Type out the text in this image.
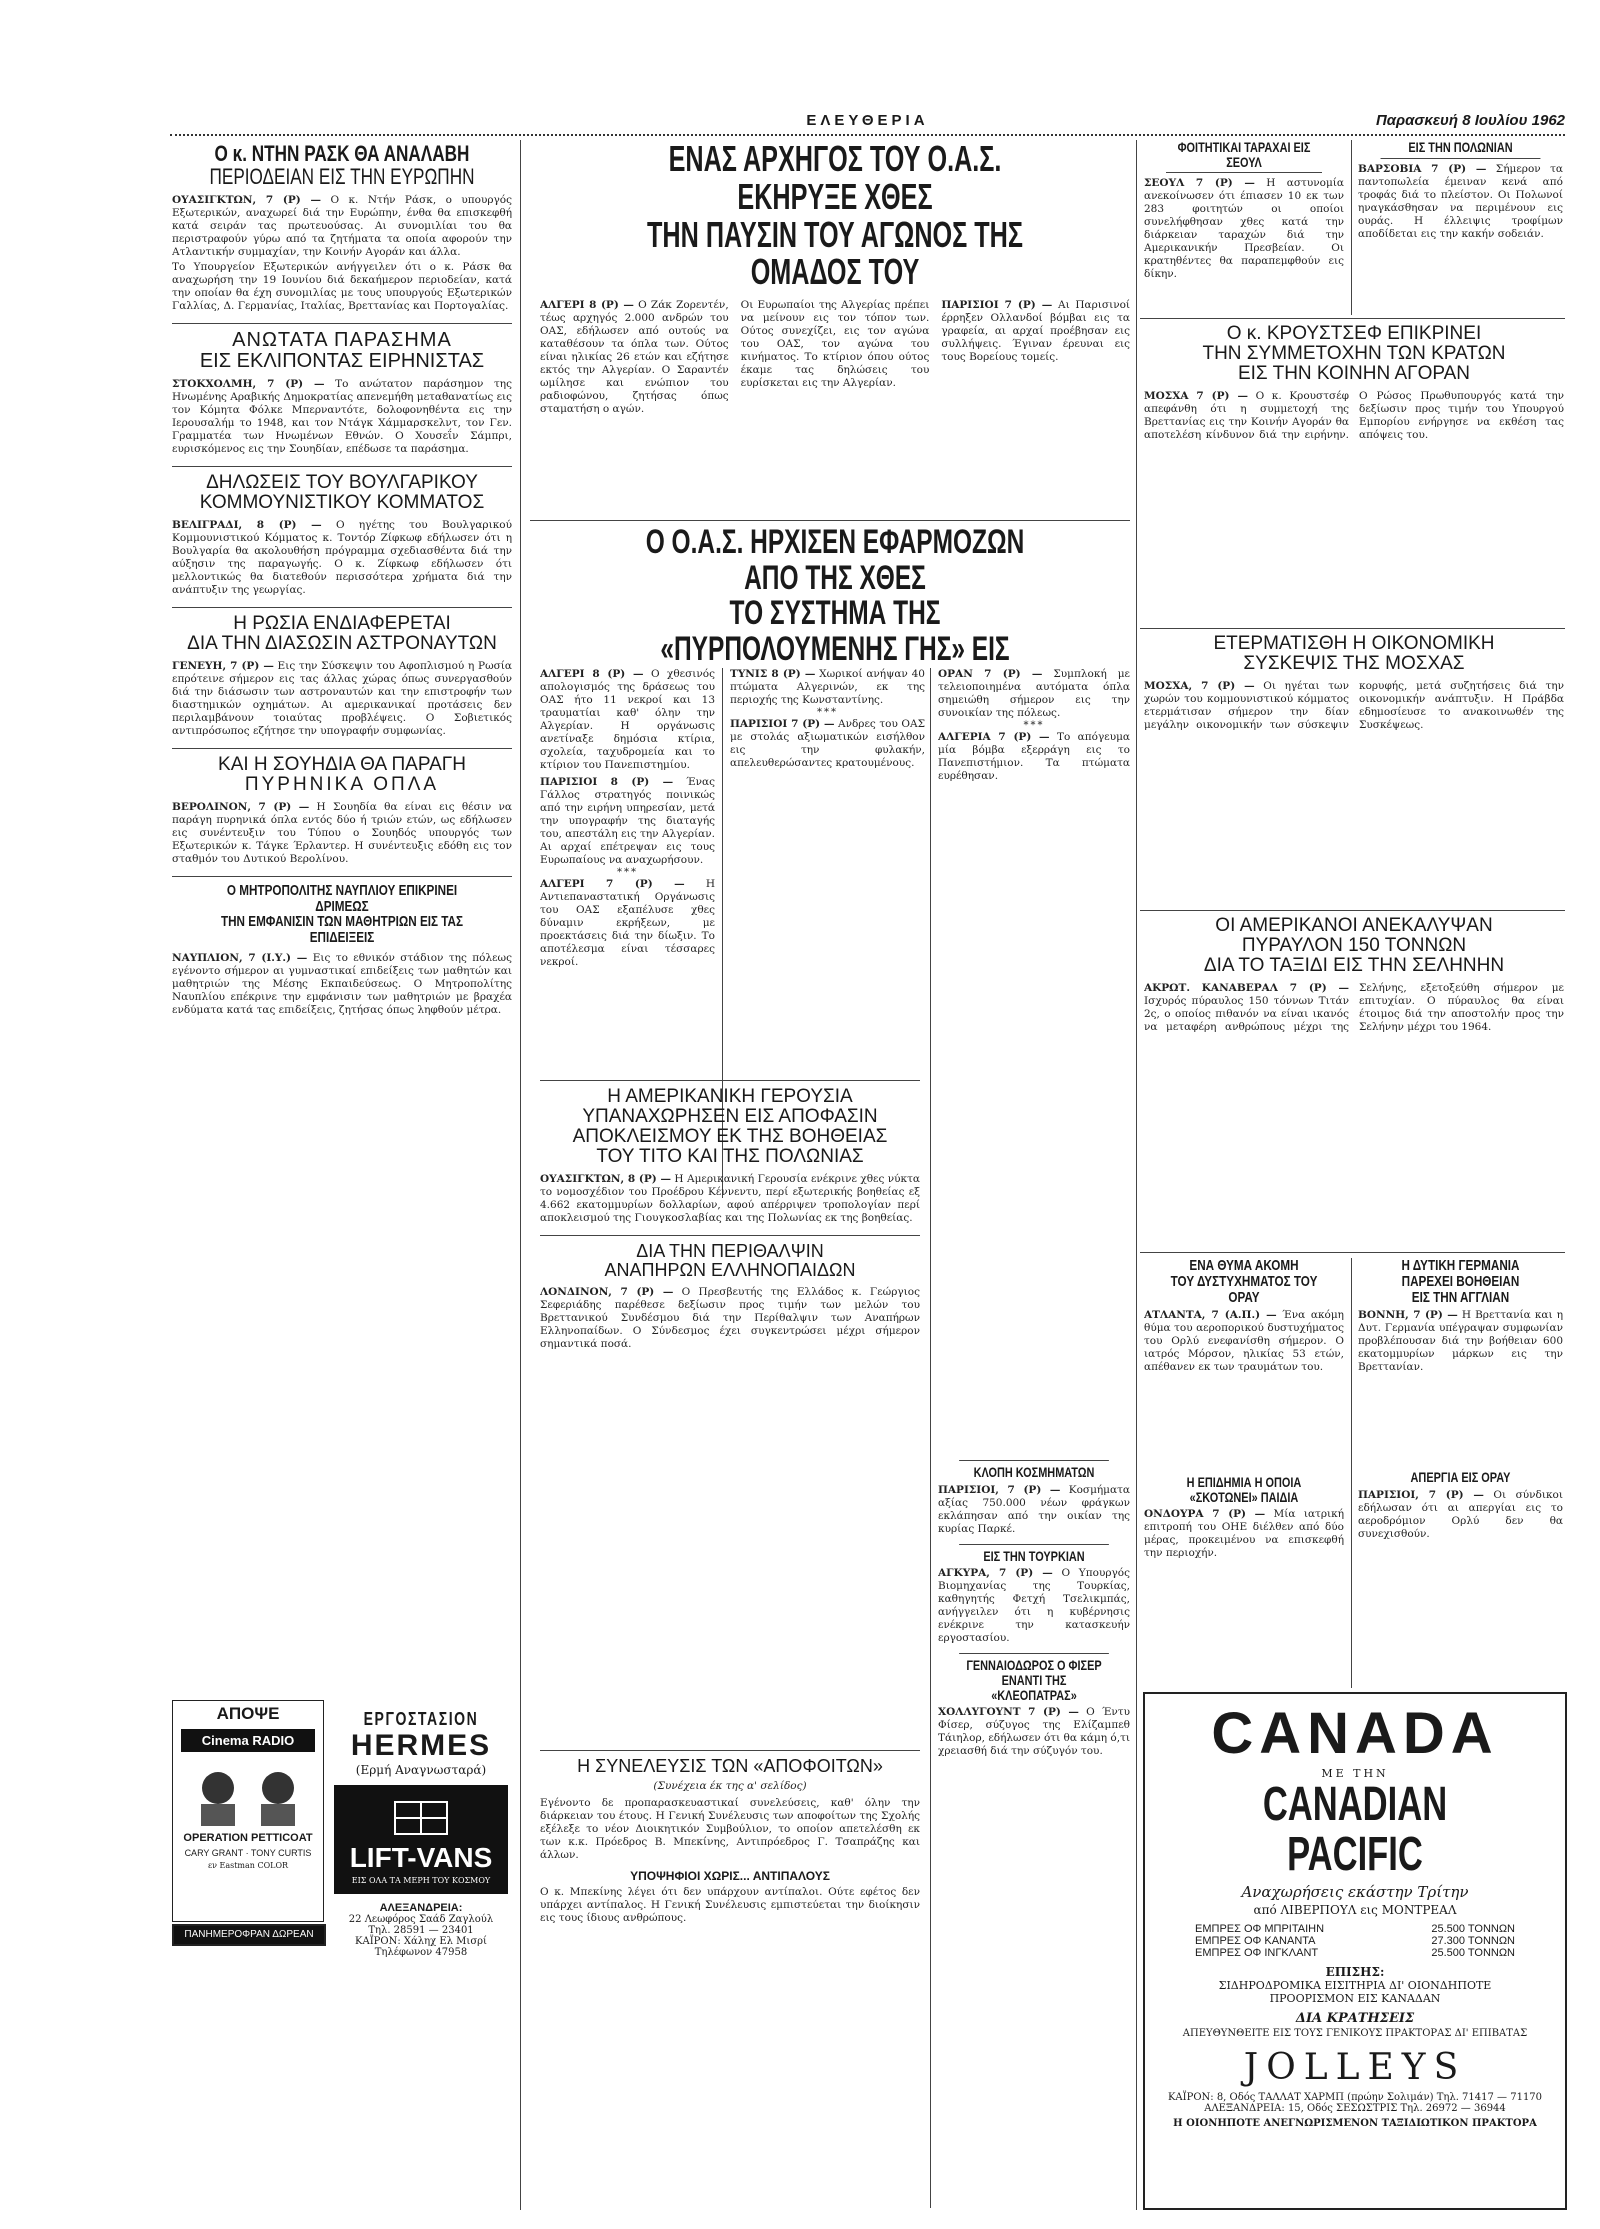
ΕΛΕΥΘΕΡΙΑ	Παρασκευή 8 Ιουλίου 1962
Ο κ. ΝΤΗΝ ΡΑΣΚ ΘΑ ΑΝΑΛΑΒΗ
ΠΕΡΙΟΔΕΙΑΝ ΕΙΣ ΤΗΝ ΕΥΡΩΠΗΝ
ΟΥΑΣΙΓΚΤΩΝ, 7 (Ρ) — Ο κ. Ντήν Ράσκ, ο υπουργός Εξωτερικών, αναχωρεί διά την Ευρώπην, ένθα θα επισκεφθή κατά σειράν τας πρωτευούσας. Αι συνομιλίαι του θα περιστραφούν γύρω από τα ζητήματα τα οποία αφορούν την Ατλαντικήν συμμαχίαν, την Κοινήν Αγοράν και άλλα.
Το Υπουργείον Εξωτερικών ανήγγειλεν ότι ο κ. Ράσκ θα αναχωρήση την 19 Ιουνίου διά δεκαήμερον περιοδείαν, κατά την οποίαν θα έχη συνομιλίας με τους υπουργούς Εξωτερικών Γαλλίας, Δ. Γερμανίας, Ιταλίας, Βρεττανίας και Πορτογαλίας.
ΑΝΩΤΑΤΑ ΠΑΡΑΣΗΜΑ
ΕΙΣ ΕΚΛΙΠΟΝΤΑΣ ΕΙΡΗΝΙΣΤΑΣ
ΣΤΟΚΧΟΛΜΗ, 7 (Ρ) — Το ανώτατον παράσημον της Ηνωμένης Αραβικής Δημοκρατίας απενεμήθη μεταθανατίως εις τον Κόμητα Φόλκε Μπερναντότε, δολοφονηθέντα εις την Ιερουσαλήμ το 1948, και τον Ντάγκ Χάμμαρσκελντ, τον Γεν. Γραμματέα των Ηνωμένων Εθνών. Ο Χουσεΐν Σάμπρι, ευρισκόμενος εις την Σουηδίαν, επέδωσε τα παράσημα.
ΔΗΛΩΣΕΙΣ ΤΟΥ ΒΟΥΛΓΑΡΙΚΟΥ
ΚΟΜΜΟΥΝΙΣΤΙΚΟΥ ΚΟΜΜΑΤΟΣ
ΒΕΛΙΓΡΑΔΙ, 8 (Ρ) — Ο ηγέτης του Βουλγαρικού Κομμουνιστικού Κόμματος κ. Τοντόρ Ζίφκωφ εδήλωσεν ότι η Βουλγαρία θα ακολουθήση πρόγραμμα σχεδιασθέντα διά την αύξησιν της παραγωγής. Ο κ. Ζίφκωφ εδήλωσεν ότι μελλοντικώς θα διατεθούν περισσότερα χρήματα διά την ανάπτυξιν της γεωργίας.
Η ΡΩΣΙΑ ΕΝΔΙΑΦΕΡΕΤΑΙ
ΔΙΑ ΤΗΝ ΔΙΑΣΩΣΙΝ ΑΣΤΡΟΝΑΥΤΩΝ
ΓΕΝΕΥΗ, 7 (Ρ) — Εις την Σύσκεψιν του Αφοπλισμού η Ρωσία επρότεινε σήμερον εις τας άλλας χώρας όπως συνεργασθούν διά την διάσωσιν των αστροναυτών και την επιστροφήν των διαστημικών οχημάτων. Αι αμερικανικαί προτάσεις δεν περιλαμβάνουν τοιαύτας προβλέψεις. Ο Σοβιετικός αντιπρόσωπος εζήτησε την υπογραφήν συμφωνίας.
ΚΑΙ Η ΣΟΥΗΔΙΑ ΘΑ ΠΑΡΑΓΗ
ΠΥΡΗΝΙΚΑ ΟΠΛΑ
ΒΕΡΟΛΙΝΟΝ, 7 (Ρ) — Η Σουηδία θα είναι εις θέσιν να παράγη πυρηνικά όπλα εντός δύο ή τριών ετών, ως εδήλωσεν εις συνέντευξιν του Τύπου ο Σουηδός υπουργός των Εξωτερικών κ. Τάγκε Έρλαντερ. Η συνέντευξις εδόθη εις τον σταθμόν του Δυτικού Βερολίνου.
Ο ΜΗΤΡΟΠΟΛΙΤΗΣ ΝΑΥΠΛΙΟΥ ΕΠΙΚΡΙΝΕΙ ΔΡΙΜΕΩΣ
ΤΗΝ ΕΜΦΑΝΙΣΙΝ ΤΩΝ ΜΑΘΗΤΡΙΩΝ ΕΙΣ ΤΑΣ ΕΠΙΔΕΙΞΕΙΣ
ΝΑΥΠΛΙΟΝ, 7 (Ι.Υ.) — Εις το εθνικόν στάδιον της πόλεως εγένοντο σήμερον αι γυμναστικαί επιδείξεις των μαθητών και μαθητριών της Μέσης Εκπαιδεύσεως. Ο Μητροπολίτης Ναυπλίου επέκρινε την εμφάνισιν των μαθητριών με βραχέα ενδύματα κατά τας επιδείξεις, ζητήσας όπως ληφθούν μέτρα.
ΑΠΟΨΕ
Cinema RADIO
OPERATION PETTICOAT
CARY GRANT · TONY CURTIS
εν Eastman COLOR
ΠΑΝΗΜΕΡΟΦΡΑΝ ΔΩΡΕΑΝ
ΕΡΓΟΣΤΑΣΙΟΝ
HERMES
(Ερμή Αναγνωσταρά)
LIFT-VANS
ΕΙΣ ΟΛΑ ΤΑ ΜΕΡΗ ΤΟΥ ΚΟΣΜΟΥ
ΑΛΕΞΑΝΔΡΕΙΑ:
22 Λεωφόρος Σαάδ Ζαγλούλ
Τηλ. 28591 — 23401
ΚΑΪΡΟΝ: Χάληχ Ελ Μισρί
Τηλέφωνον 47958
ΕΝΑΣ ΑΡΧΗΓΟΣ ΤΟΥ Ο.Α.Σ. ΕΚΗΡΥΞΕ ΧΘΕΣ
ΤΗΝ ΠΑΥΣΙΝ ΤΟΥ ΑΓΩΝΟΣ ΤΗΣ ΟΜΑΔΟΣ ΤΟΥ
ΑΛΓΕΡΙ 8 (Ρ) — Ο Ζάκ Ζορεντέν, τέως αρχηγός 2.000 ανδρών του ΟΑΣ, εδήλωσεν από ουτούς να καταθέσουν τα όπλα των. Ούτος είναι ηλικίας 26 ετών και εζήτησε εκτός την Αλγερίαν. Ο Σαραντέν ωμίλησε και ενώπιον του ραδιοφώνου, ζητήσας όπως σταματήση ο αγών.
Οι Ευρωπαίοι της Αλγερίας πρέπει να μείνουν εις τον τόπον των. Ούτος συνεχίζει, εις τον αγώνα του ΟΑΣ, τον αγώνα του κινήματος. Το κτίριον όπου ούτος έκαμε τας δηλώσεις του ευρίσκεται εις την Αλγερίαν.
ΠΑΡΙΣΙΟΙ 7 (Ρ) — Αι Παρισινοί έρρηξεν Ολλανδοί βόμβαι εις τα γραφεία, αι αρχαί προέβησαν εις συλλήψεις. Έγιναν έρευναι εις τους Βορείους τομείς.
Ο Ο.Α.Σ. ΗΡΧΙΣΕΝ ΕΦΑΡΜΟΖΩΝ ΑΠΟ ΤΗΣ ΧΘΕΣ
ΤΟ ΣΥΣΤΗΜΑ ΤΗΣ «ΠΥΡΠΟΛΟΥΜΕΝΗΣ ΓΗΣ» ΕΙΣ
ΑΛΓΕΡΙ 8 (Ρ) — Ο χθεσινός απολογισμός της δράσεως του ΟΑΣ ήτο 11 νεκροί και 13 τραυματίαι καθ' όλην την Αλγερίαν. Η οργάνωσις ανετίναξε δημόσια κτίρια, σχολεία, ταχυδρομεία και το κτίριον του Πανεπιστημίου.
ΠΑΡΙΣΙΟΙ 8 (Ρ) — Ένας Γάλλος στρατηγός ποινικώς από την ειρήνη υπηρεσίαν, μετά την υπογραφήν της διαταγής του, απεστάλη εις την Αλγερίαν. Αι αρχαί επέτρεψαν εις τους Ευρωπαίους να αναχωρήσουν.
***
ΑΛΓΕΡΙ 7 (Ρ) — Η Αντιεπαναστατική Οργάνωσις του ΟΑΣ εξαπέλυσε χθες δύναμιν εκρήξεων, με προεκτάσεις διά την δίωξιν. Το αποτέλεσμα είναι τέσσαρες νεκροί.
ΤΥΝΙΣ 8 (Ρ) — Χωρικοί ανήψαν 40 πτώματα Αλγερινών, εκ της περιοχής της Κωνσταντίνης.
***
ΠΑΡΙΣΙΟΙ 7 (Ρ) — Ανδρες του ΟΑΣ με στολάς αξιωματικών εισήλθον εις την φυλακήν, απελευθερώσαντες κρατουμένους.
ΟΡΑΝ 7 (Ρ) — Συμπλοκή με τελειοποιημένα αυτόματα όπλα σημειώθη σήμερον εις την συνοικίαν της πόλεως.
***
ΑΛΓΕΡΙΑ 7 (Ρ) — Το απόγευμα μία βόμβα εξερράγη εις το Πανεπιστήμιον. Τα πτώματα ευρέθησαν.
Η ΑΜΕΡΙΚΑΝΙΚΗ ΓΕΡΟΥΣΙΑ
ΥΠΑΝΑΧΩΡΗΣΕΝ ΕΙΣ ΑΠΟΦΑΣΙΝ
ΑΠΟΚΛΕΙΣΜΟΥ ΕΚ ΤΗΣ ΒΟΗΘΕΙΑΣ
ΤΟΥ ΤΙΤΟ ΚΑΙ ΤΗΣ ΠΟΛΩΝΙΑΣ
ΟΥΑΣΙΓΚΤΩΝ, 8 (Ρ) — Η Αμερικανική Γερουσία ενέκρινε χθες νύκτα το νομοσχέδιον του Προέδρου Κέννεντυ, περί εξωτερικής βοηθείας εξ 4.662 εκατομμυρίων δολλαρίων, αφού απέρριψεν τροπολογίαν περί αποκλεισμού της Γιουγκοσλαβίας και της Πολωνίας εκ της βοηθείας.
ΔΙΑ ΤΗΝ ΠΕΡΙΘΑΛΨΙΝ
ΑΝΑΠΗΡΩΝ ΕΛΛΗΝΟΠΑΙΔΩΝ
ΛΟΝΔΙΝΟΝ, 7 (Ρ) — Ο Πρεσβευτής της Ελλάδος κ. Γεώργιος Σεφεριάδης παρέθεσε δεξίωσιν προς τιμήν των μελών του Βρεττανικού Συνδέσμου διά την Περίθαλψιν των Αναπήρων Ελληνοπαίδων. Ο Σύνδεσμος έχει συγκεντρώσει μέχρι σήμερον σημαντικά ποσά.
Η ΣΥΝΕΛΕΥΣΙΣ ΤΩΝ «ΑΠΟΦΟΙΤΩΝ»
(Συνέχεια έκ της α' σελίδος)
Εγένοντο δε προπαρασκευαστικαί συνελεύσεις, καθ' όλην την διάρκειαν του έτους. Η Γενική Συνέλευσις των αποφοίτων της Σχολής εξέλεξε το νέον Διοικητικόν Συμβούλιον, το οποίον απετελέσθη εκ των κ.κ. Πρόεδρος Β. Μπεκίνης, Αντιπρόεδρος Γ. Τσαπράζης και άλλων.
ΥΠΟΨΗΦΙΟΙ ΧΩΡΙΣ... ΑΝΤΙΠΑΛΟΥΣ
Ο κ. Μπεκίνης λέγει ότι δεν υπάρχουν αντίπαλοι. Ούτε εφέτος δεν υπάρχει αντίπαλος. Η Γενική Συνέλευσις εμπιστεύεται την διοίκησιν εις τους ίδιους ανθρώπους.
ΦΟΙΤΗΤΙΚΑΙ ΤΑΡΑΧΑΙ ΕΙΣ ΣΕΟΥΛ
ΣΕΟΥΛ 7 (Ρ) — Η αστυνομία ανεκοίνωσεν ότι έπιασεν 10 εκ των 283 φοιτητών οι οποίοι συνελήφθησαν χθες κατά την διάρκειαν ταραχών διά την Αμερικανικήν Πρεσβείαν. Οι κρατηθέντες θα παραπεμφθούν εις δίκην.
ΕΙΣ ΤΗΝ ΠΟΛΩΝΙΑΝ
ΒΑΡΣΟΒΙΑ 7 (Ρ) — Σήμερον τα παντοπωλεία έμειναν κενά από τροφάς διά το πλείστον. Οι Πολωνοί ηναγκάσθησαν να περιμένουν εις ουράς. Η έλλειψις τροφίμων αποδίδεται εις την κακήν σοδειάν.
Ο κ. ΚΡΟΥΣΤΣΕΦ ΕΠΙΚΡΙΝΕΙ
ΤΗΝ ΣΥΜΜΕΤΟΧΗΝ ΤΩΝ ΚΡΑΤΩΝ
ΕΙΣ ΤΗΝ ΚΟΙΝΗΝ ΑΓΟΡΑΝ
ΜΟΣΧΑ 7 (Ρ) — Ο κ. Κρουστσέφ απεφάνθη ότι η συμμετοχή της Βρεττανίας εις την Κοινήν Αγοράν θα αποτελέση κίνδυνον διά την ειρήνην. Ο Ρώσος Πρωθυπουργός κατά την δεξίωσιν προς τιμήν του Υπουργού Εμπορίου ενήργησε να εκθέση τας απόψεις του.
ΕΤΕΡΜΑΤΙΣΘΗ Η ΟΙΚΟΝΟΜΙΚΗ
ΣΥΣΚΕΨΙΣ ΤΗΣ ΜΟΣΧΑΣ
ΜΟΣΧΑ, 7 (Ρ) — Οι ηγέται των χωρών του κομμουνιστικού κόμματος ετερμάτισαν σήμερον την δίαν μεγάλην οικονομικήν των σύσκεψιν κορυφής, μετά συζητήσεις διά την οικονομικήν ανάπτυξιν. Η Πράβδα εδημοσίευσε το ανακοινωθέν της Συσκέψεως.
ΟΙ ΑΜΕΡΙΚΑΝΟΙ ΑΝΕΚΑΛΥΨΑΝ
ΠΥΡΑΥΛΟΝ 150 ΤΟΝΝΩΝ
ΔΙΑ ΤΟ ΤΑΞΙΔΙ ΕΙΣ ΤΗΝ ΣΕΛΗΝΗΝ
ΑΚΡΩΤ. ΚΑΝΑΒΕΡΑΛ 7 (Ρ) — Ισχυρός πύραυλος 150 τόννων Τιτάν 2ς, ο οποίος πιθανόν να είναι ικανός να μεταφέρη ανθρώπους μέχρι της Σελήνης, εξετοξεύθη σήμερον με επιτυχίαν. Ο πύραυλος θα είναι έτοιμος διά την αποστολήν προς την Σελήνην μέχρι του 1964.
ΕΝΑ ΘΥΜΑ ΑΚΟΜΗ
ΤΟΥ ΔΥΣΤΥΧΗΜΑΤΟΣ ΤΟΥ ΟΡΑΥ
ΑΤΛΑΝΤΑ, 7 (Α.Π.) — Ένα ακόμη θύμα του αεροπορικού δυστυχήματος του Ορλύ ενεφανίσθη σήμερον. Ο ιατρός Μόρσον, ηλικίας 53 ετών, απέθανεν εκ των τραυμάτων του.
Η ΔΥΤΙΚΗ ΓΕΡΜΑΝΙΑ
ΠΑΡΕΧΕΙ ΒΟΗΘΕΙΑΝ
ΕΙΣ ΤΗΝ ΑΓΓΛΙΑΝ
ΒΟΝΝΗ, 7 (Ρ) — Η Βρεττανία και η Δυτ. Γερμανία υπέγραψαν συμφωνίαν προβλέπουσαν διά την βοήθειαν 600 εκατομμυρίων μάρκων εις την Βρεττανίαν.
Η ΕΠΙΔΗΜΙΑ Η ΟΠΟΙΑ
«ΣΚΟΤΩΝΕΙ» ΠΑΙΔΙΑ
ΟΝΔΟΥΡΑ 7 (Ρ) — Μία ιατρική επιτροπή του ΟΗΕ διέλθεν από δύο μέρας, προκειμένου να επισκεφθή την περιοχήν.
ΑΠΕΡΓΙΑ ΕΙΣ ΟΡΑΥ
ΠΑΡΙΣΙΟΙ, 7 (Ρ) — Οι σύνδικοι εδήλωσαν ότι αι απεργίαι εις το αεροδρόμιον Ορλύ δεν θα συνεχισθούν.
ΚΛΟΠΗ ΚΟΣΜΗΜΑΤΩΝ
ΠΑΡΙΣΙΟΙ, 7 (Ρ) — Κοσμήματα αξίας 750.000 νέων φράγκων εκλάπησαν από την οικίαν της κυρίας Παρκέ.
ΕΙΣ ΤΗΝ ΤΟΥΡΚΙΑΝ
ΑΓΚΥΡΑ, 7 (Ρ) — Ο Υπουργός Βιομηχανίας της Τουρκίας, καθηγητής Φετχή Τσελικμπάς, ανήγγειλεν ότι η κυβέρνησις ενέκρινε την κατασκευήν εργοστασίου.
ΓΕΝΝΑΙΟΔΩΡΟΣ Ο ΦΙΣΕΡ
ΕΝΑΝΤΙ ΤΗΣ «ΚΛΕΟΠΑΤΡΑΣ»
ΧΟΛΛΥΓΟΥΝΤ 7 (Ρ) — Ο Έντυ Φίσερ, σύζυγος της Ελίζαμπεθ Τάιηλορ, εδήλωσεν ότι θα κάμη ό,τι χρειασθή διά την σύζυγόν του.	CANADA
ΜΕ ΤΗΝ
CANADIAN PACIFIC
Αναχωρήσεις εκάστην Τρίτην
από ΛΙΒΕΡΠΟΥΛ εις ΜΟΝΤΡΕΑΛ
ΕΜΠΡΕΣ ΟΦ ΜΠΡΙΤΑΙΗΝ	25.500 ΤΟΝΝΩΝ
ΕΜΠΡΕΣ ΟΦ ΚΑΝΑΝΤΑ	27.300 ΤΟΝΝΩΝ
ΕΜΠΡΕΣ ΟΦ ΙΝΓΚΛΑΝΤ	25.500 ΤΟΝΝΩΝ
ΕΠΙΣΗΣ:
ΣΙΔΗΡΟΔΡΟΜΙΚΑ ΕΙΣΙΤΗΡΙΑ ΔΙ' ΟΙΟΝΔΗΠΟΤΕ
ΠΡΟΟΡΙΣΜΟΝ ΕΙΣ ΚΑΝΑΔΑΝ
ΔΙΑ ΚΡΑΤΗΣΕΙΣ
ΑΠΕΥΘΥΝΘΕΙΤΕ ΕΙΣ ΤΟΥΣ ΓΕΝΙΚΟΥΣ ΠΡΑΚΤΟΡΑΣ ΔΙ' ΕΠΙΒΑΤΑΣ
JOLLEYS
ΚΑΪΡΟΝ: 8, Οδός ΤΑΛΛΑΤ ΧΑΡΜΠ (πρώην Σολιμάν) Τηλ. 71417 — 71170
ΑΛΕΞΑΝΔΡΕΙΑ: 15, Οδός ΣΕΣΩΣΤΡΙΣ Τηλ. 26972 — 36944
Η ΟΙΟΝΗΠΟΤΕ ΑΝΕΓΝΩΡΙΣΜΕΝΟΝ ΤΑΞΙΔΙΩΤΙΚΟΝ ΠΡΑΚΤΟΡΑ
